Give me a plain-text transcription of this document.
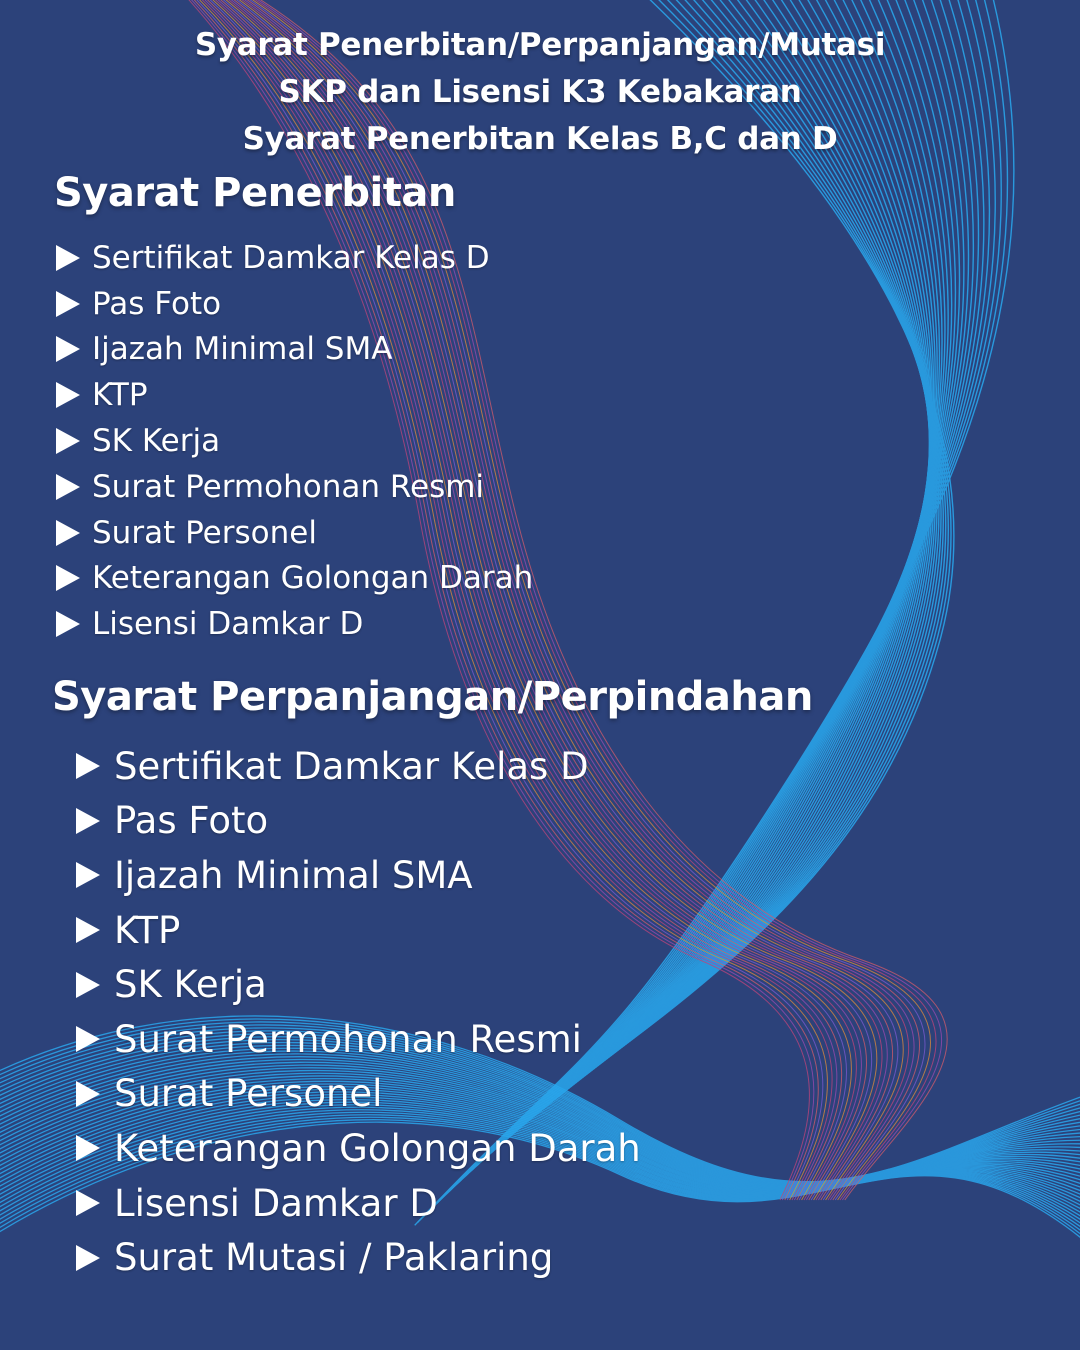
Syarat Penerbitan/Perpanjangan/Mutasi
SKP dan Lisensi K3 Kebakaran
Syarat Penerbitan Kelas B,C dan D
Syarat Penerbitan
Sertifikat Damkar Kelas D
Pas Foto
Ijazah Minimal SMA
KTP
SK Kerja
Surat Permohonan Resmi
Surat Personel
Keterangan Golongan Darah
Lisensi Damkar D
Syarat Perpanjangan/Perpindahan
Sertifikat Damkar Kelas D
Pas Foto
Ijazah Minimal SMA
KTP
SK Kerja
Surat Permohonan Resmi
Surat Personel
Keterangan Golongan Darah
Lisensi Damkar D
Surat Mutasi / Paklaring
